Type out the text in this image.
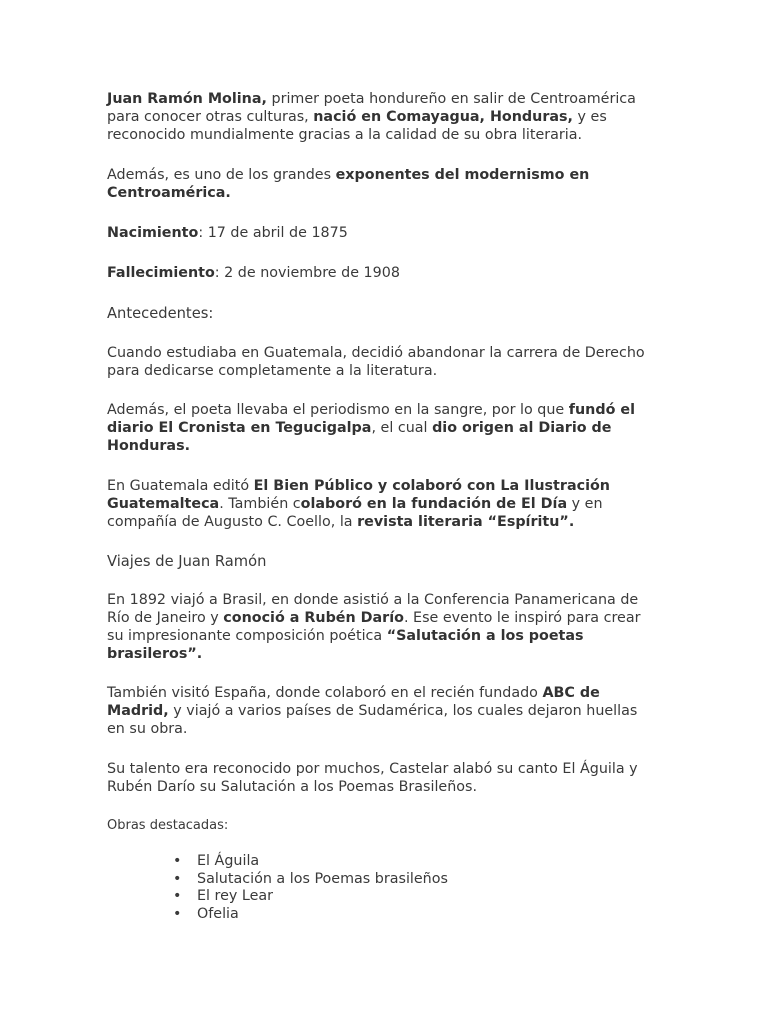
Juan Ramón Molina, primer poeta hondureño en salir de Centroamérica para conocer otras culturas, nació en Comayagua, Honduras, y es reconocido mundialmente gracias a la calidad de su obra literaria.

Además, es uno de los grandes exponentes del modernismo en Centroamérica.

Nacimiento: 17 de abril de 1875

Fallecimiento: 2 de noviembre de 1908

Antecedentes:

Cuando estudiaba en Guatemala, decidió abandonar la carrera de Derecho para dedicarse completamente a la literatura.

Además, el poeta llevaba el periodismo en la sangre, por lo que fundó el diario El Cronista en Tegucigalpa, el cual dio origen al Diario de Honduras.

En Guatemala editó El Bien Público y colaboró con La Ilustración Guatemalteca. También colaboró en la fundación de El Día y en compañía de Augusto C. Coello, la revista literaria “Espíritu”.

Viajes de Juan Ramón

En 1892 viajó a Brasil, en donde asistió a la Conferencia Panamericana de Río de Janeiro y conoció a Rubén Darío. Ese evento le inspiró para crear su impresionante composición poética “Salutación a los poetas brasileros”.

También visitó España, donde colaboró en el recién fundado ABC de Madrid, y viajó a varios países de Sudamérica, los cuales dejaron huellas en su obra.

Su talento era reconocido por muchos, Castelar alabó su canto El Águila y Rubén Darío su Salutación a los Poemas Brasileños.

Obras destacadas:

•	El Águila
•	Salutación a los Poemas brasileños
•	El rey Lear
•	Ofelia
